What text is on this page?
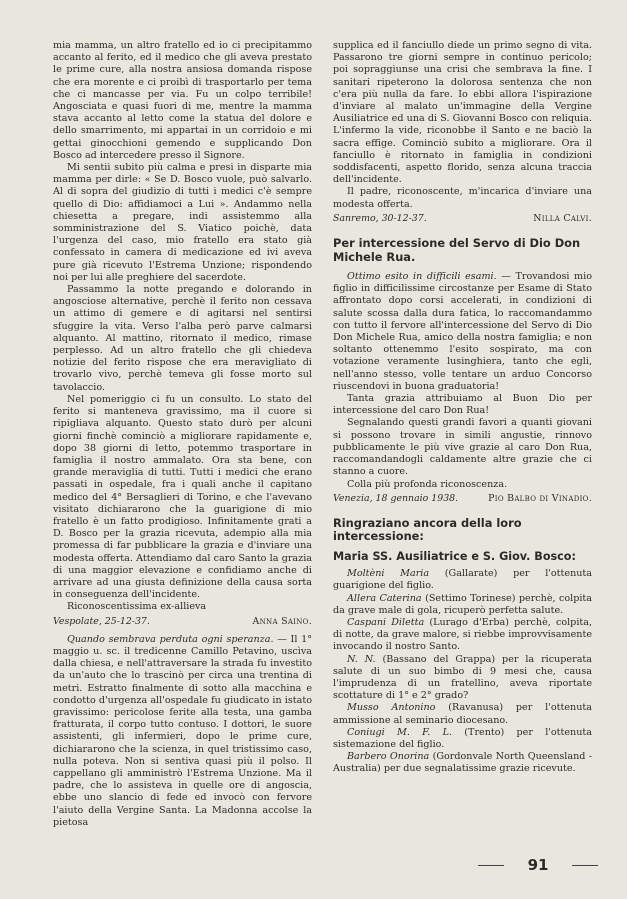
mia mamma, un altro fratello ed io ci precipitammo accanto al ferito, ed il medico che gli aveva prestato le prime cure, alla nostra ansiosa domanda rispose che era morente e ci proibì di trasportarlo per tema che ci mancasse per via. Fu un colpo terribile! Angosciata e quasi fuori di me, mentre la mamma stava accanto al letto come la statua del dolore e dello smarrimento, mi appartai in un corridoio e mi gettai ginocchioni gemendo e supplicando Don Bosco ad intercedere presso il Signore.

Mi sentii subito più calma e presi in disparte mia mamma per dirle: « Se D. Bosco vuole, può salvarlo. Al di sopra del giudizio di tutti i medici c'è sempre quello di Dio: affidiamoci a Lui ». Andammo nella chiesetta a pregare, indi assistemmo alla somministrazione del S. Viatico poichè, data l'urgenza del caso, mio fratello era stato già confessato in camera di medicazione ed ivi aveva pure già ricevuto l'Estrema Unzione; rispondendo noi per lui alle preghiere del sacerdote.

Passammo la notte pregando e dolorando in angosciose alternative, perchè il ferito non cessava un attimo di gemere e di agitarsi nel sentirsi sfuggire la vita. Verso l'alba però parve calmarsi alquanto. Al mattino, ritornato il medico, rimase perplesso. Ad un altro fratello che gli chiedeva notizie del ferito rispose che era meravigliato di trovarlo vivo, perchè temeva gli fosse morto sul tavolaccio.

Nel pomeriggio ci fu un consulto. Lo stato del ferito si manteneva gravissimo, ma il cuore si ripigliava alquanto. Questo stato durò per alcuni giorni finchè cominciò a migliorare rapidamente e, dopo 38 giorni di letto, potemmo trasportare in famiglia il nostro ammalato. Ora sta bene, con grande meraviglia di tutti. Tutti i medici che erano passati in ospedale, fra i quali anche il capitano medico del 4° Bersaglieri di Torino, e che l'avevano visitato dichiararono che la guarigione di mio fratello è un fatto prodigioso. Infinitamente grati a D. Bosco per la grazia ricevuta, adempio alla mia promessa di far pubblicare la grazia e d'inviare una modesta offerta. Attendiamo dal caro Santo la grazia di una maggior elevazione e confidiamo anche di arrivare ad una giusta definizione della causa sorta in conseguenza dell'incidente.

Riconoscentissima ex-allieva

Vespolate, 25-12-37.	Anna Saino.

Quando sembrava perduta ogni speranza. — Il 1° maggio u. sc. il tredicenne Camillo Petavino, uscìva dalla chiesa, e nell'attraversare la strada fu investito da un'auto che lo trascinò per circa una trentina di metri. Estratto finalmente di sotto alla macchina e condotto d'urgenza all'ospedale fu giudicato in istato gravissimo: pericolose ferite alla testa, una gamba fratturata, il corpo tutto contuso. I dottori, le suore assistenti, gli infermieri, dopo le prime cure, dichiararono che la scienza, in quel tristissimo caso, nulla poteva. Non si sentiva quasi più il polso. Il cappellano gli amministrò l'Estrema Unzione. Ma il padre, che lo assisteva in quelle ore di angoscia, ebbe uno slancio di fede ed invocò con fervore l'aiuto della Vergine Santa. La Madonna accolse la pietosa

supplica ed il fanciullo diede un primo segno di vita. Passarono tre giorni sempre in continuo pericolo; poi sopraggiunse una crisi che sembrava la fine. I sanitari ripeterono la dolorosa sentenza che non c'era più nulla da fare. Io ebbi allora l'ispirazione d'inviare al malato un'immagine della Vergine Ausiliatrice ed una di S. Giovanni Bosco con reliquia. L'infermo la vide, riconobbe il Santo e ne baciò la sacra effige. Cominciò subito a migliorare. Ora il fanciullo è ritornato in famiglia in condizioni soddisfacenti, aspetto florido, senza alcuna traccia dell'incidente.

Il padre, riconoscente, m'incarica d'inviare una modesta offerta.

Sanremo, 30-12-37.	Nilla Calvi.
Per intercessione del Servo di Dio Don Michele Rua.

Ottimo esito in difficili esami. — Trovandosi mio figlio in difficilissime circostanze per Esame di Stato affrontato dopo corsi accelerati, in condizioni di salute scossa dalla dura fatica, lo raccomandammo con tutto il fervore all'intercessione del Servo di Dio Don Michele Rua, amico della nostra famiglia; e non soltanto ottenemmo l'esito sospirato, ma con votazione veramente lusinghiera, tanto che egli, nell'anno stesso, volle tentare un arduo Concorso riuscendovi in buona graduatoria!

Tanta grazia attribuiamo al Buon Dio per intercessione del caro Don Rua!

Segnalando questi grandi favori a quanti giovani si possono trovare in simili angustie, rinnovo pubblicamente le più vive grazie al caro Don Rua, raccomandandogli caldamente altre grazie che ci stanno a cuore.

Colla più profonda riconoscenza.

Venezia, 18 gennaio 1938.	Pio Balbo di Vinadio.
Ringraziano ancora della loro intercessione:
Maria SS. Ausiliatrice e S. Giov. Bosco:

Moltèni Maria (Gallarate) per l'ottenuta guarigione del figlio.

Allera Caterina (Settimo Torinese) perchè, colpita da grave male di gola, ricuperò perfetta salute.

Caspani Diletta (Lurago d'Erba) perchè, colpita, di notte, da grave malore, si riebbe improvvisamente invocando il nostro Santo.

N. N. (Bassano del Grappa) per la ricuperata salute di un suo bimbo di 9 mesi che, causa l'imprudenza di un fratellino, aveva riportate scottature di 1° e 2° grado?

Musso Antonino (Ravanusa) per l'ottenuta ammissione al seminario diocesano.

Coniugi M. F. L. (Trento) per l'ottenuta sistemazione del figlio.

Barbero Onorina (Gordonvale North Queensland - Australia) per due segnalatissime grazie ricevute.

91
